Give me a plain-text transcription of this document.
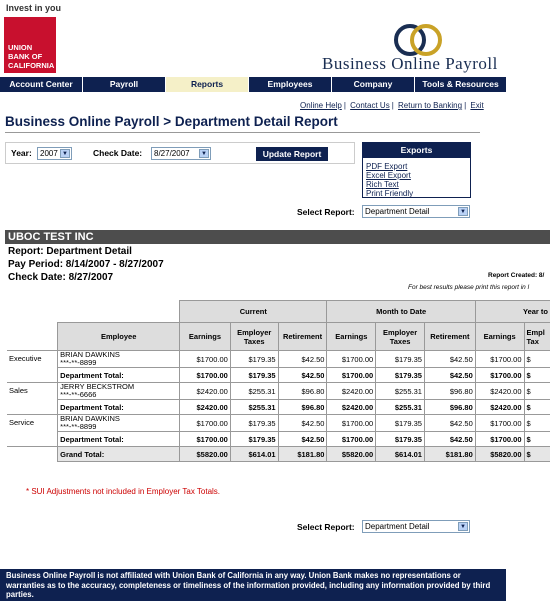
Invest in you
UNION
BANK OF
CALIFORNIA	Business Online Payroll
Account Center	Payroll	Reports	Employees	Company	Tools & Resources
Online Help | Contact Us | Return to Banking | Exit
Business Online Payroll > Department Detail Report
Year:	2007 ▼	Check Date:	8/27/2007	▼	Update Report	Exports
PDF Export
Excel Export
Rich Text
Print Friendly
Select Report:	Department Detail	▼
UBOC TEST INC
Report: Department Detail
Pay Period: 8/14/2007 - 8/27/2007
Check Date: 8/27/2007	Report Created: 8/
For best results please print this report in l
		Current			Month to Date			Year to	
	Employee	Earnings	Employer Taxes	Retirement	Earnings	Employer Taxes	Retirement	Earnings	Empl
Tax
Executive	BRIAN DAWKINS
***-**-8899	$1700.00	$179.35	$42.50	$1700.00	$179.35	$42.50	$1700.00	$
	Department Total:	$1700.00	$179.35	$42.50	$1700.00	$179.35	$42.50	$1700.00	$
Sales	JERRY BECKSTROM
***-**-6666	$2420.00	$255.31	$96.80	$2420.00	$255.31	$96.80	$2420.00	$
	Department Total:	$2420.00	$255.31	$96.80	$2420.00	$255.31	$96.80	$2420.00	$
Service	BRIAN DAWKINS
***-**-8899	$1700.00	$179.35	$42.50	$1700.00	$179.35	$42.50	$1700.00	$
	Department Total:	$1700.00	$179.35	$42.50	$1700.00	$179.35	$42.50	$1700.00	$
	Grand Total:	$5820.00	$614.01	$181.80	$5820.00	$614.01	$181.80	$5820.00	$
* SUI Adjustments not included in Employer Tax Totals.
Select Report:	Department Detail	▼
Business Online Payroll is not affiliated with Union Bank of California in any way. Union Bank makes no representations or warranties as to the accuracy, completeness or timeliness of the information provided, including any information provided by third parties.
